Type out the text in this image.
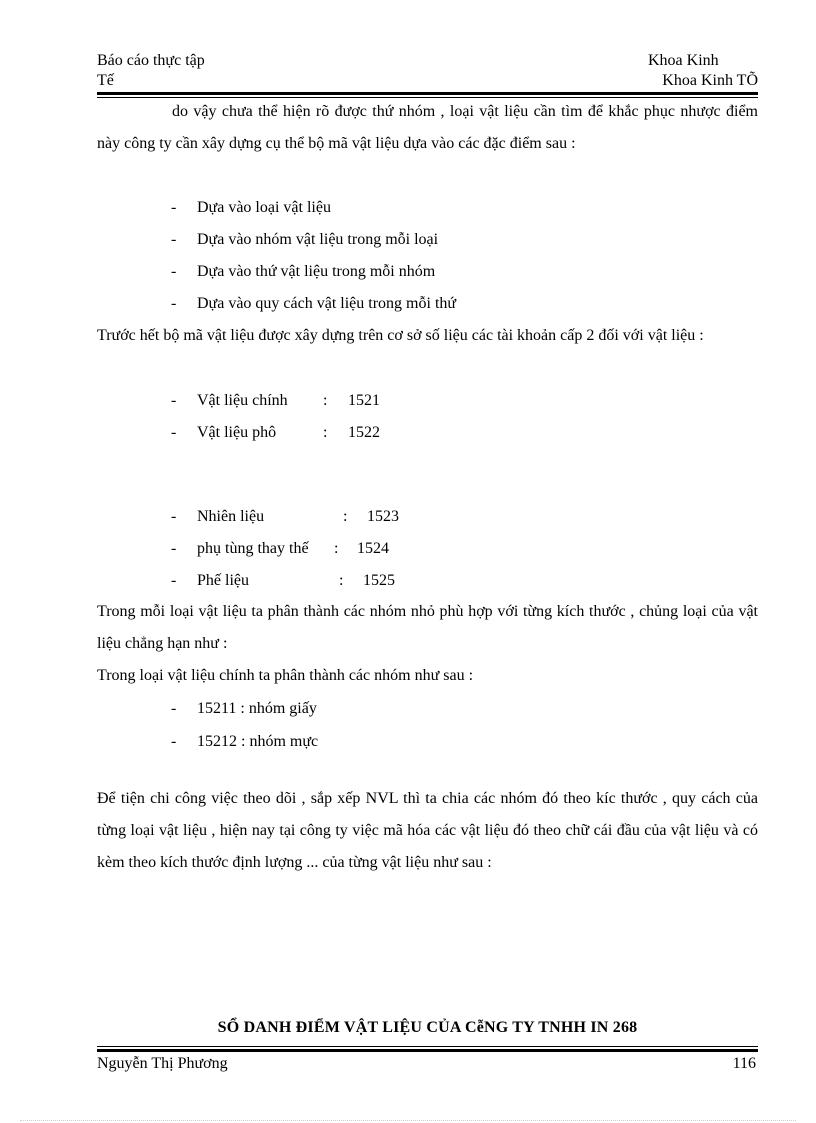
Báo cáo thực tập
Tế
Khoa Kinh
Khoa Kinh TÕ
do vậy chưa thể hiện rõ được thứ nhóm , loại vật liệu cần tìm để khắc phục nhược điểm này công ty cần xây dựng cụ thể bộ mã vật liệu dựa vào các đặc điểm sau :
- Dựa vào loại vật liệu
- Dựa vào nhóm vật liệu trong mỗi loại
- Dựa vào thứ vật liệu trong mỗi nhóm
- Dựa vào quy cách vật liệu trong mỗi thứ
Trước hết bộ mã vật liệu được xây dựng trên cơ sở số liệu các tài khoản cấp 2 đối với vật liệu :
- Vật liệu chính : 1521
- Vật liệu phô	: 1522
- Nhiên liệu	: 1523
- phụ tùng thay thế : 1524
- Phế liệu	: 1525
Trong mỗi loại vật liệu ta phân thành các nhóm nhỏ phù hợp với từng kích thước , chủng loại của vật liệu chẳng hạn như :
Trong loại vật liệu chính ta phân thành các nhóm như sau :
- 15211 : nhóm giấy
- 15212 : nhóm mực
Để tiện chi công việc theo dõi , sắp xếp NVL thì ta chia các nhóm đó theo kíc thước , quy cách của từng loại vật liệu , hiện nay tại công ty việc mã hóa các vật liệu đó theo chữ cái đầu của vật liệu và có kèm theo kích thước định lượng ... của từng vật liệu như sau :
SỔ DANH ĐIỂM VẬT LIỆU CỦA CễNG TY TNHH IN 268
Nguyễn Thị Phương	116
